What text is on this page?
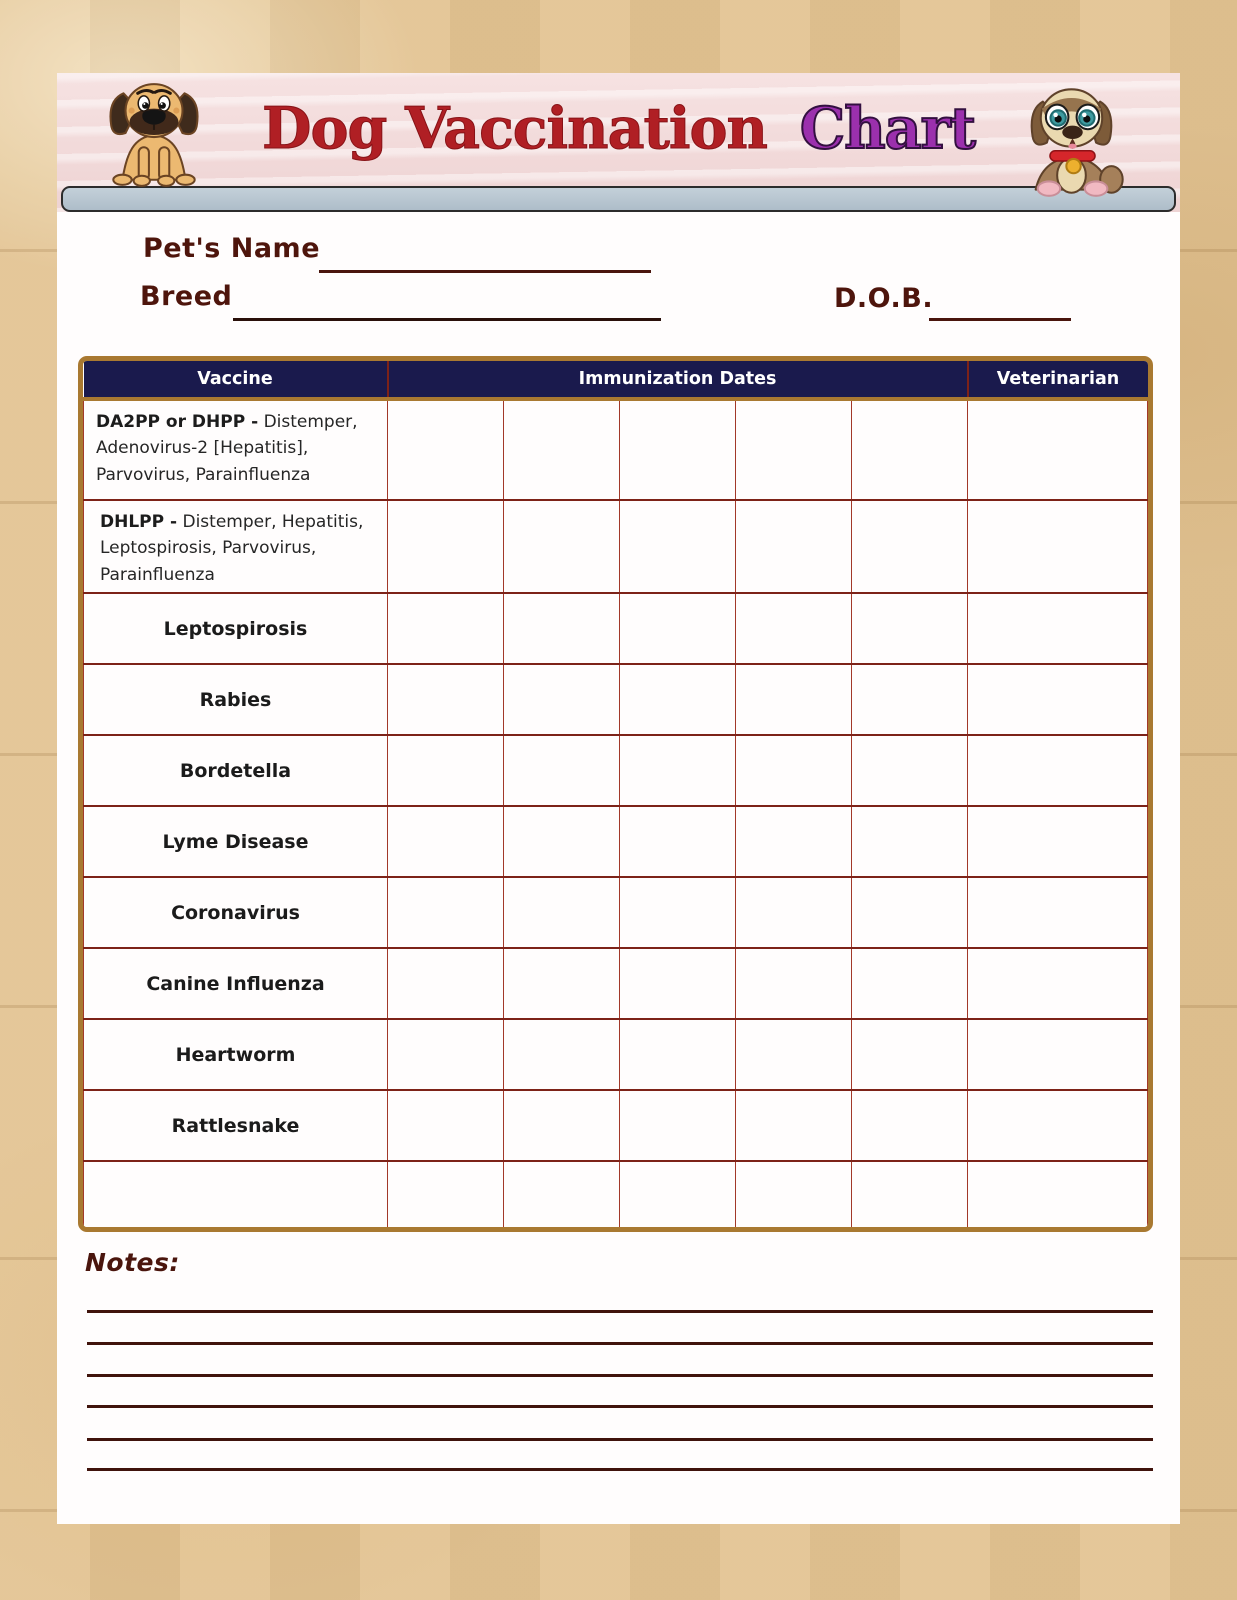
Dog Vaccination Chart
Pet's Name
Breed	D.O.B.
Vaccine	Immunization Dates					Veterinarian
DA2PP or DHPP - Distemper, Adenovirus-2 [Hepatitis], Parvovirus, Parainfluenza						
DHLPP - Distemper, Hepatitis, Leptospirosis, Parvovirus, Parainfluenza						
Leptospirosis						
Rabies						
Bordetella						
Lyme Disease						
Coronavirus						
Canine Influenza						
Heartworm						
Rattlesnake						

Notes:
